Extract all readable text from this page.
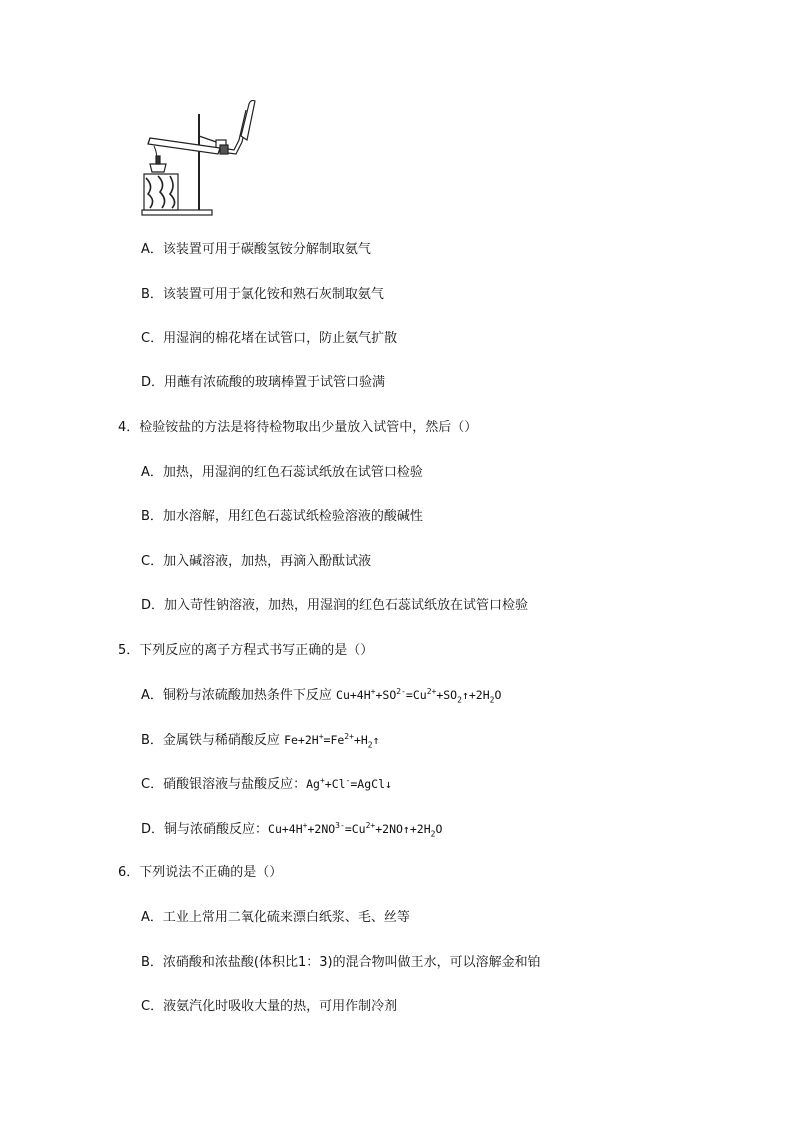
A．该装置可用于碳酸氢铵分解制取氨气
B．该装置可用于氯化铵和熟石灰制取氨气
C．用湿润的棉花堵在试管口，防止氨气扩散
D．用蘸有浓硫酸的玻璃棒置于试管口验满
4．检验铵盐的方法是将待检物取出少量放入试管中，然后（）
A．加热，用湿润的红色石蕊试纸放在试管口检验
B．加水溶解，用红色石蕊试纸检验溶液的酸碱性
C．加入碱溶液，加热，再滴入酚酞试液
D．加入苛性钠溶液，加热，用湿润的红色石蕊试纸放在试管口检验
5．下列反应的离子方程式书写正确的是（）
A．铜粉与浓硫酸加热条件下反应 $Cu+4H^++SO^{2-}=Cu^{2+}+SO_2↑+2H_2O$
B．金属铁与稀硝酸反应 $Fe+2H^+=Fe^{2+}+H_2↑$
C．硝酸银溶液与盐酸反应：Ag++Cl-=AgCl↓
D．铜与浓硝酸反应：$Cu+4H^++2NO^{3-}=Cu^{2+}+2NO↑+2H_2O$
6．下列说法不正确的是（）
A．工业上常用二氧化硫来漂白纸浆、毛、丝等
B．浓硝酸和浓盐酸(体积比1：3)的混合物叫做王水，可以溶解金和铂
C．液氨汽化时吸收大量的热，可用作制冷剂
